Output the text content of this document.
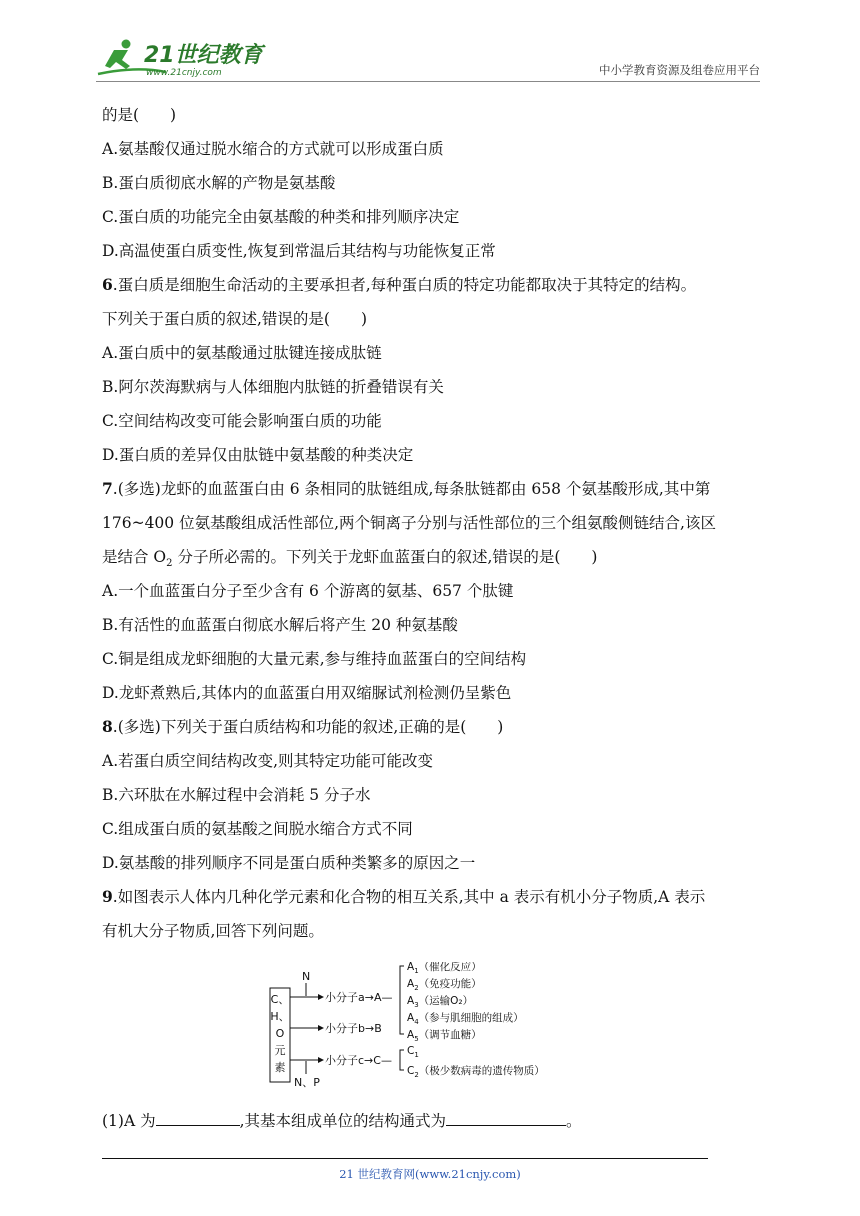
21世纪教育
www.21cnjy.com	中小学教育资源及组卷应用平台
的是(　　)
A.氨基酸仅通过脱水缩合的方式就可以形成蛋白质
B.蛋白质彻底水解的产物是氨基酸
C.蛋白质的功能完全由氨基酸的种类和排列顺序决定
D.高温使蛋白质变性,恢复到常温后其结构与功能恢复正常
6.蛋白质是细胞生命活动的主要承担者,每种蛋白质的特定功能都取决于其特定的结构。
下列关于蛋白质的叙述,错误的是(　　)
A.蛋白质中的氨基酸通过肽键连接成肽链
B.阿尔茨海默病与人体细胞内肽链的折叠错误有关
C.空间结构改变可能会影响蛋白质的功能
D.蛋白质的差异仅由肽链中氨基酸的种类决定
7.(多选)龙虾的血蓝蛋白由 6 条相同的肽链组成,每条肽链都由 658 个氨基酸形成,其中第
176~400 位氨基酸组成活性部位,两个铜离子分别与活性部位的三个组氨酸侧链结合,该区
是结合 $O_2$ 分子所必需的。下列关于龙虾血蓝蛋白的叙述,错误的是(　　)
A.一个血蓝蛋白分子至少含有 6 个游离的氨基、657 个肽键
B.有活性的血蓝蛋白彻底水解后将产生 20 种氨基酸
C.铜是组成龙虾细胞的大量元素,参与维持血蓝蛋白的空间结构
D.龙虾煮熟后,其体内的血蓝蛋白用双缩脲试剂检测仍呈紫色
8.(多选)下列关于蛋白质结构和功能的叙述,正确的是(　　)
A.若蛋白质空间结构改变,则其特定功能可能改变
B.六环肽在水解过程中会消耗 5 分子水
C.组成蛋白质的氨基酸之间脱水缩合方式不同
D.氨基酸的排列顺序不同是蛋白质种类繁多的原因之一
9.如图表示人体内几种化学元素和化合物的相互关系,其中 a 表示有机小分子物质,A 表示
有机大分子物质,回答下列问题。
C、
H、
O
元
素
N
小分子a→A—
小分子b→B
小分子c→C—
N、P
$A_1$（催化反应）
$A_2$（免疫功能）
$A_3$（运输O₂）
$A_4$（参与肌细胞的组成）
$A_5$（调节血糖）
$C_1$
$C_2$（极少数病毒的遗传物质）
(1)A 为	,其基本组成单位的结构通式为	。
21 世纪教育网(www.21cnjy.com)
